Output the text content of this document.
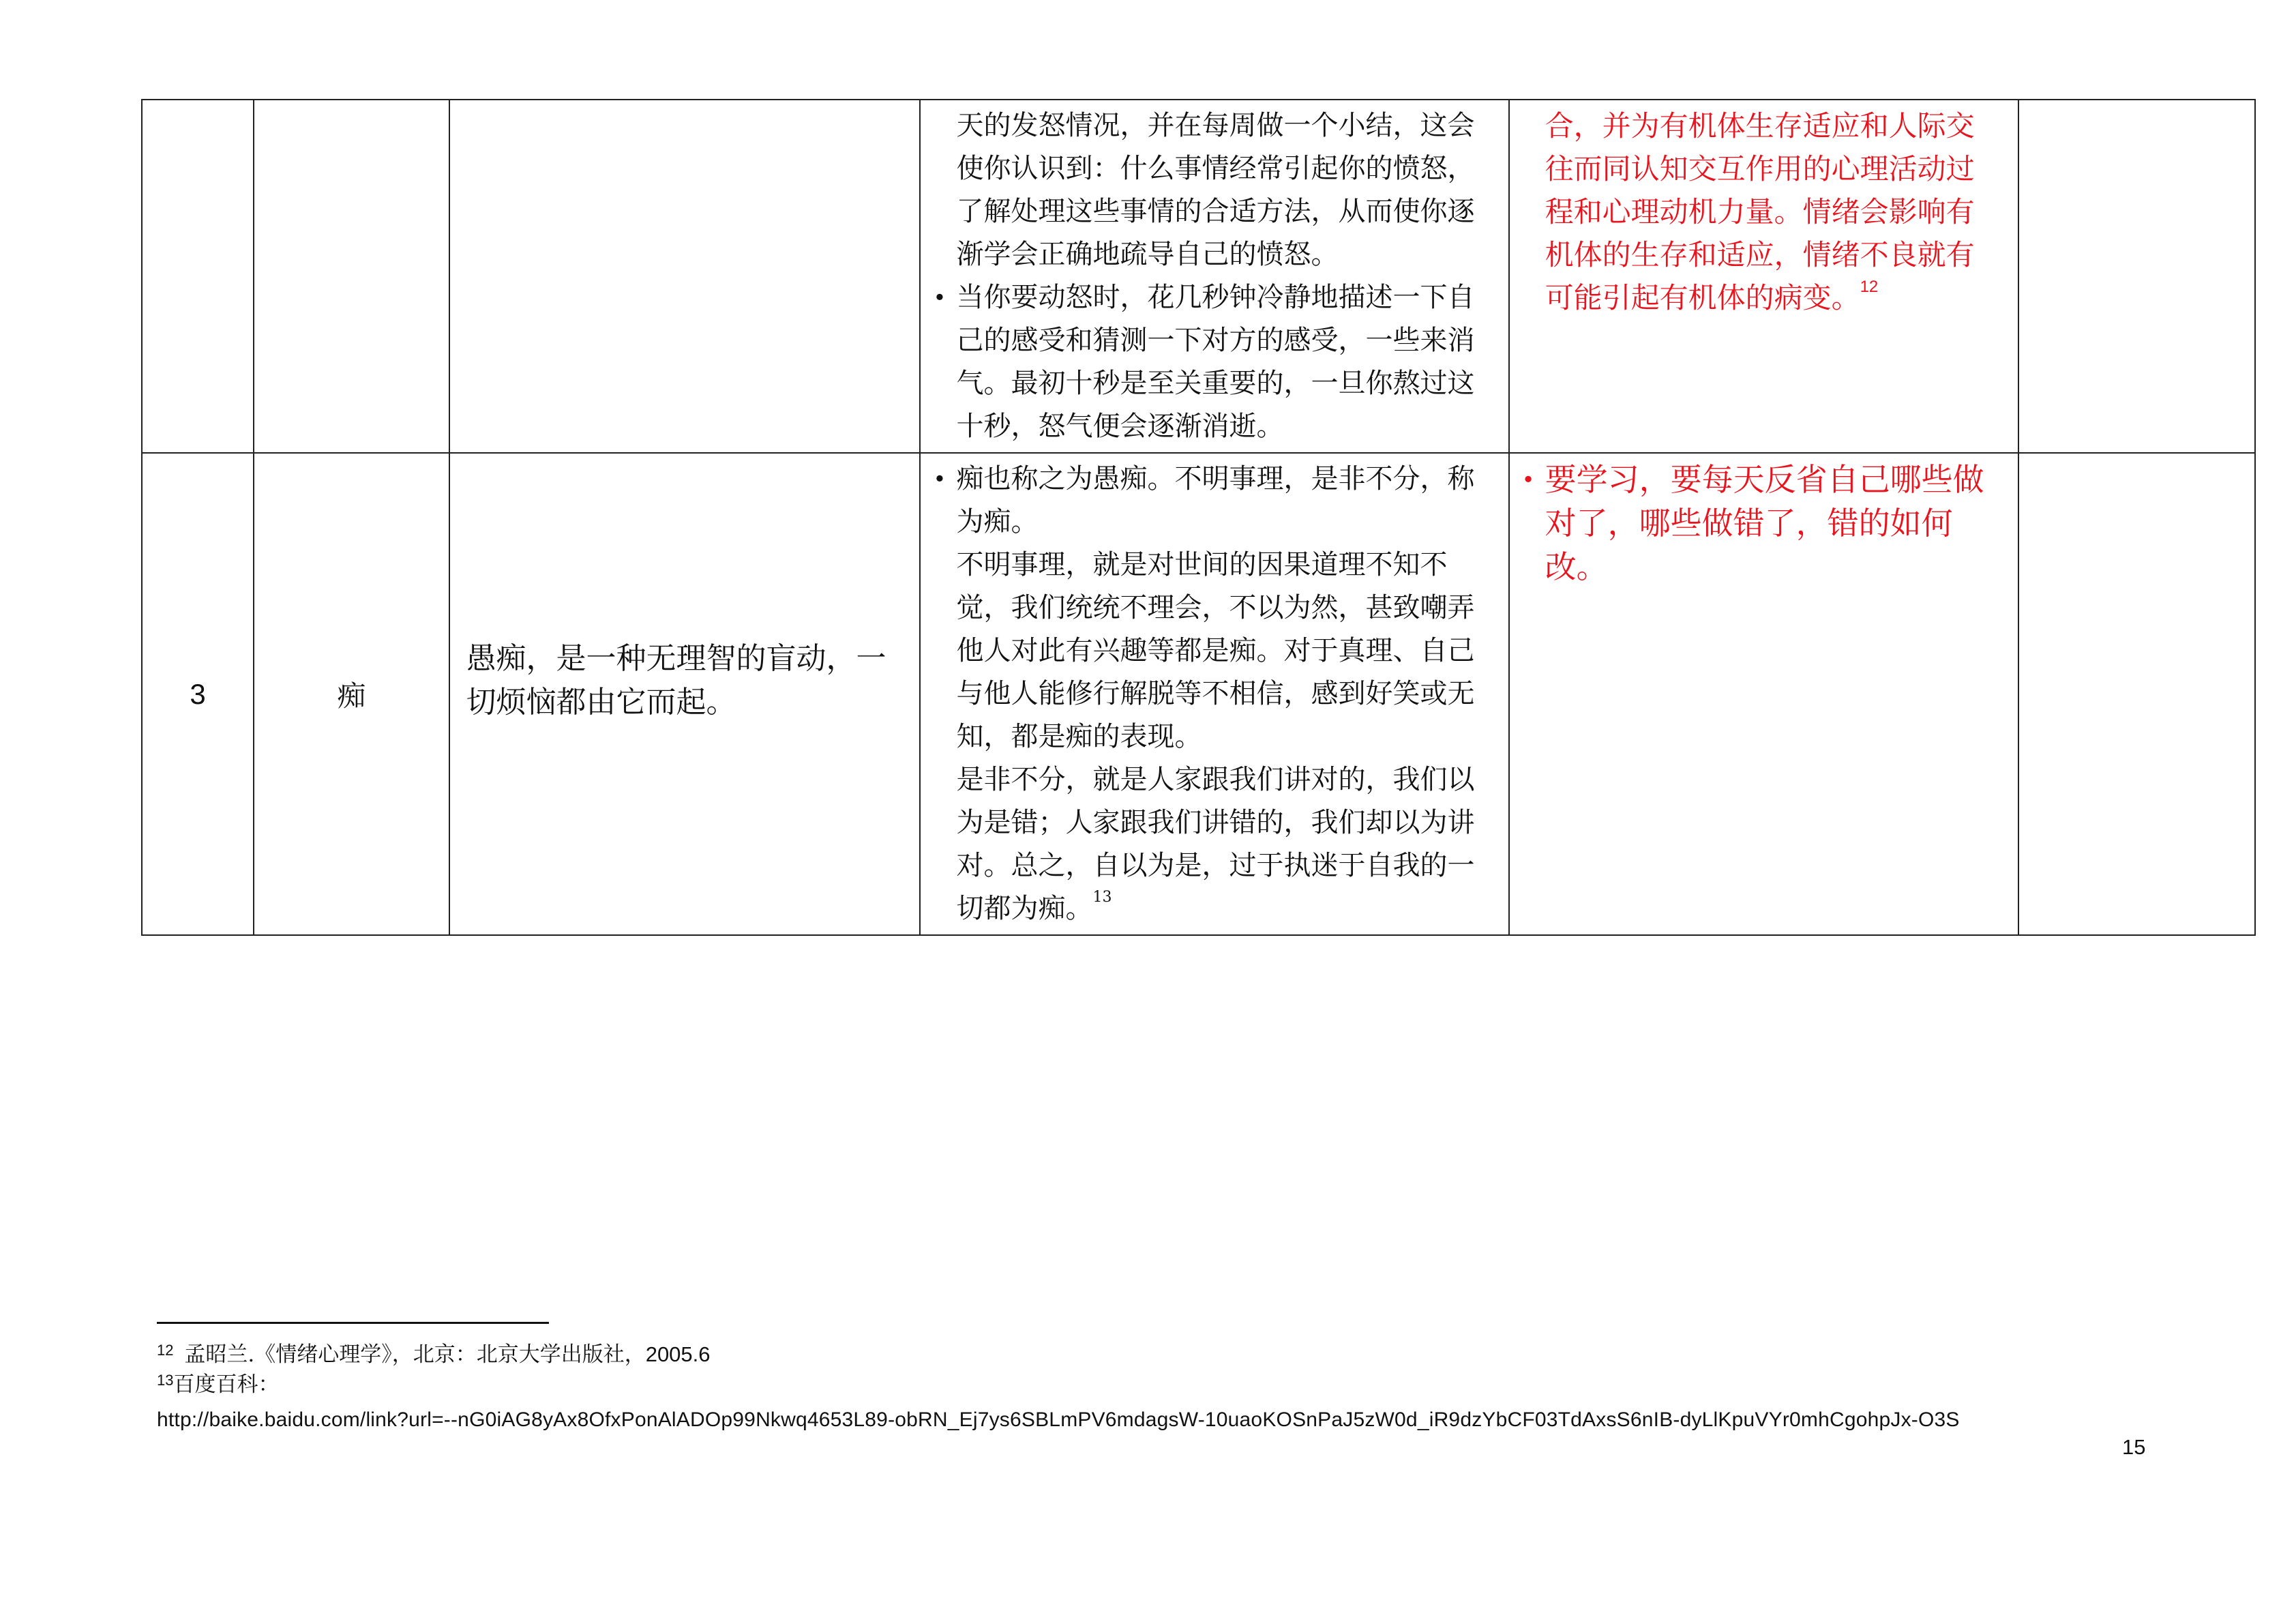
			天的发怒情况，并在每周做一个小结，这会使你认识到：什么事情经常引起你的愤怒，了解处理这些事情的合适方法，从而使你逐渐学会正确地疏导自己的愤怒。

• 当你要动怒时，花几秒钟冷静地描述一下自己的感受和猜测一下对方的感受，一些来消气。最初十秒是至关重要的，一旦你熬过这十秒，怒气便会逐渐消逝。	合，并为有机体生存适应和人际交往而同认知交互作用的心理活动过程和心理动机力量。情绪会影响有机体的生存和适应，情绪不良就有可能引起有机体的病变。$^{12}$

3	痴	愚痴，是一种无理智的盲动，一切烦恼都由它而起。	• 痴也称之为愚痴。不明事理，是非不分，称为痴。

不明事理，就是对世间的因果道理不知不觉，我们统统不理会，不以为然，甚致嘲弄他人对此有兴趣等都是痴。对于真理、自己与他人能修行解脱等不相信，感到好笑或无知，都是痴的表现。

是非不分，就是人家跟我们讲对的，我们以为是错；人家跟我们讲错的，我们却以为讲对。总之，自以为是，过于执迷于自我的一切都为痴。$^{13}$	• 要学习，要每天反省自己哪些做对了，哪些做错了，错的如何改。

$^{12}$ 孟昭兰.《情绪心理学》，北京：北京大学出版社，2005.6
$^{13}$百度百科：
http://baike.baidu.com/link?url=--nG0iAG8yAx8OfxPonAlADOp99Nkwq4653L89-obRN_Ej7ys6SBLmPV6mdagsW-10uaoKOSnPaJ5zW0d_iR9dzYbCF03TdAxsS6nIB-dyLlKpuVYr0mhCgohpJx-O3S
15
